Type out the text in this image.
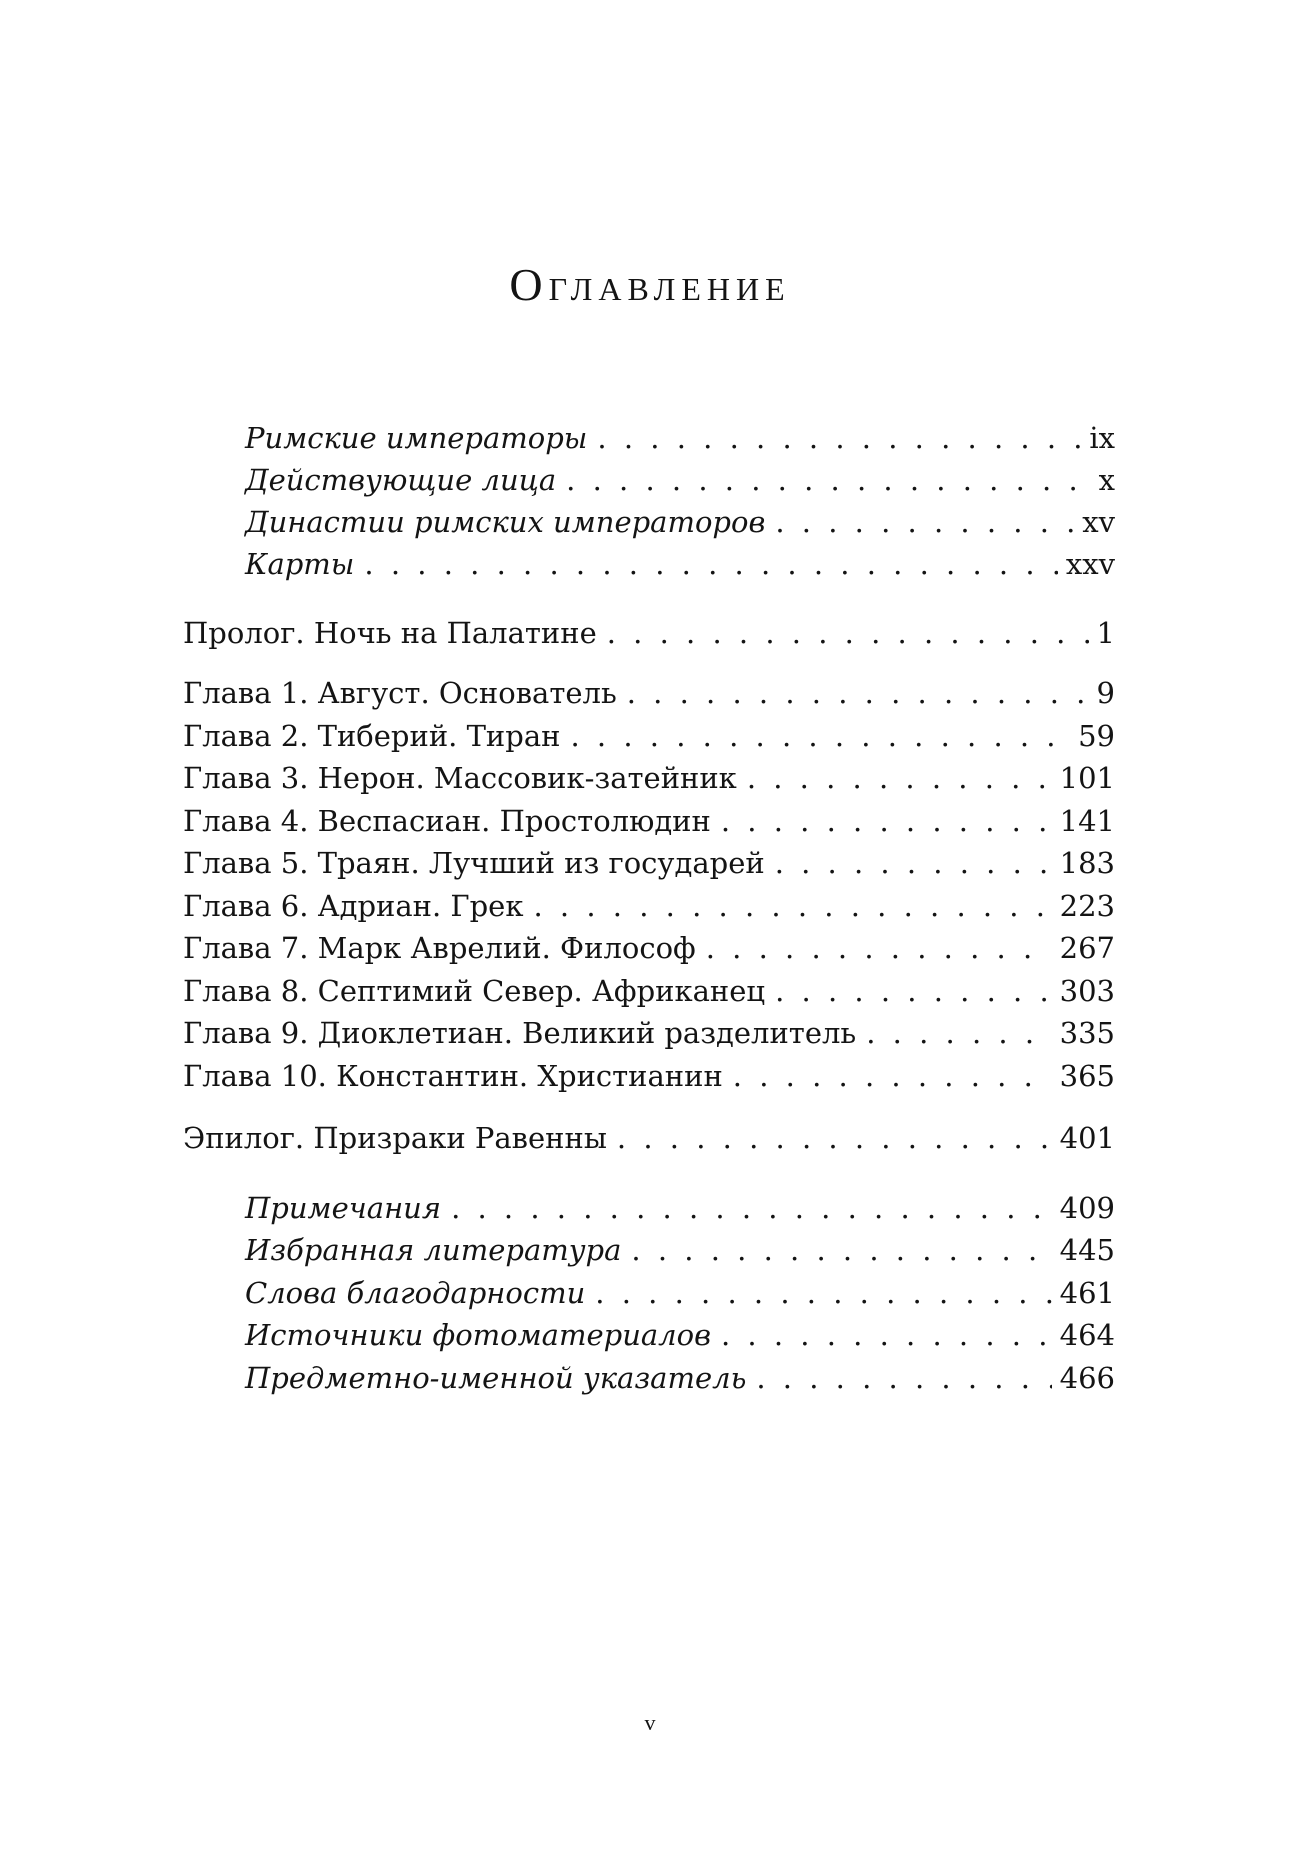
Оглавление
Римские императоры . . .	ix
Действующие лица . . .	x
Династии римских императоров . . .	xv
Карты . . .	xxv
Пролог. Ночь на Палатине . . .	1
Глава 1. Август. Основатель . . .	9
Глава 2. Тиберий. Тиран . . .	59
Глава 3. Нерон. Массовик-затейник . . .	101
Глава 4. Веспасиан. Простолюдин . . .	141
Глава 5. Траян. Лучший из государей . . .	183
Глава 6. Адриан. Грек . . .	223
Глава 7. Марк Аврелий. Философ . . .	267
Глава 8. Септимий Север. Африканец . . .	303
Глава 9. Диоклетиан. Великий разделитель . . .	335
Глава 10. Константин. Христианин . . .	365
Эпилог. Призраки Равенны . . .	401
Примечания . . .	409
Избранная литература . . .	445
Слова благодарности . . .	461
Источники фотоматериалов . . .	464
Предметно-именной указатель . . .	466
v
